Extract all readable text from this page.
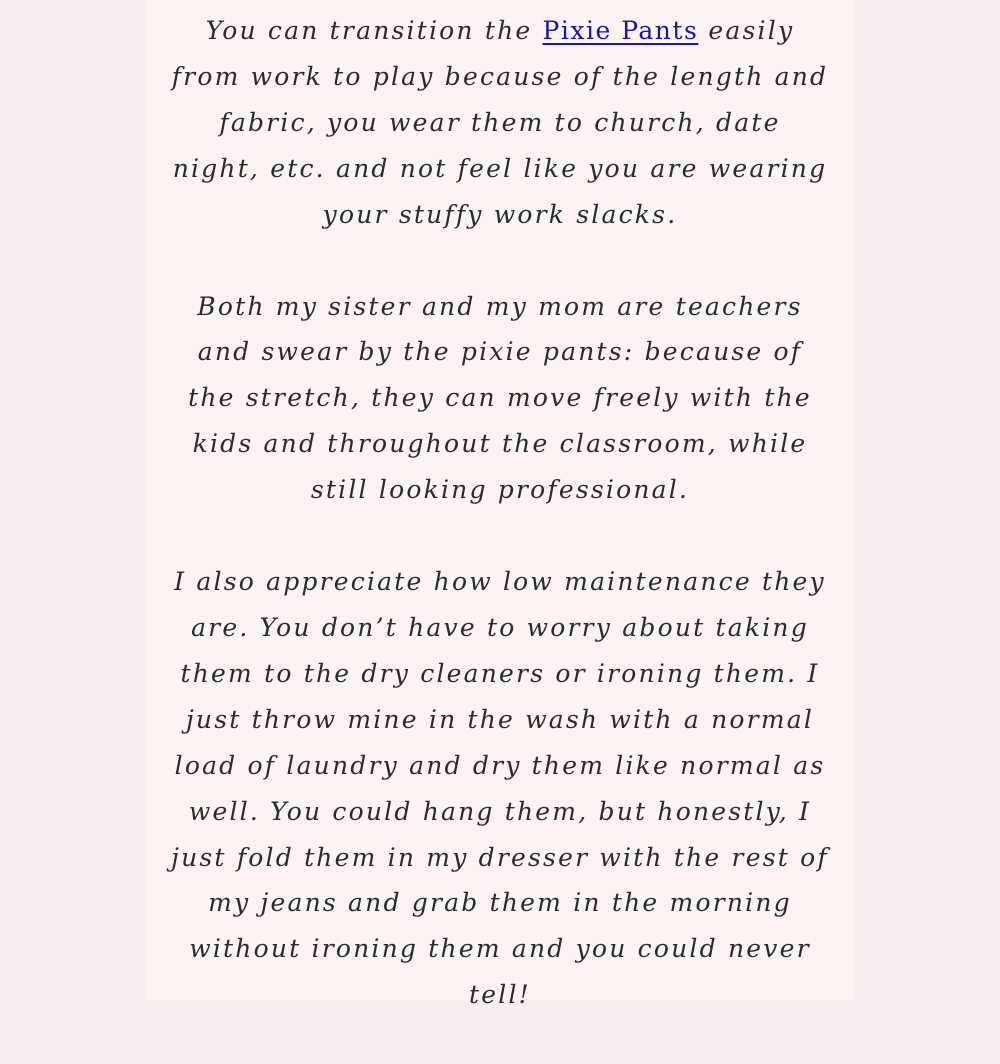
You can transition the Pixie Pants easily from work to play because of the length and fabric, you wear them to church, date night, etc. and not feel like you are wearing your stuffy work slacks.

Both my sister and my mom are teachers and swear by the pixie pants: because of the stretch, they can move freely with the kids and throughout the classroom, while still looking professional.

I also appreciate how low maintenance they are. You don’t have to worry about taking them to the dry cleaners or ironing them. I just throw mine in the wash with a normal load of laundry and dry them like normal as well. You could hang them, but honestly, I just fold them in my dresser with the rest of my jeans and grab them in the morning without ironing them and you could never tell!
